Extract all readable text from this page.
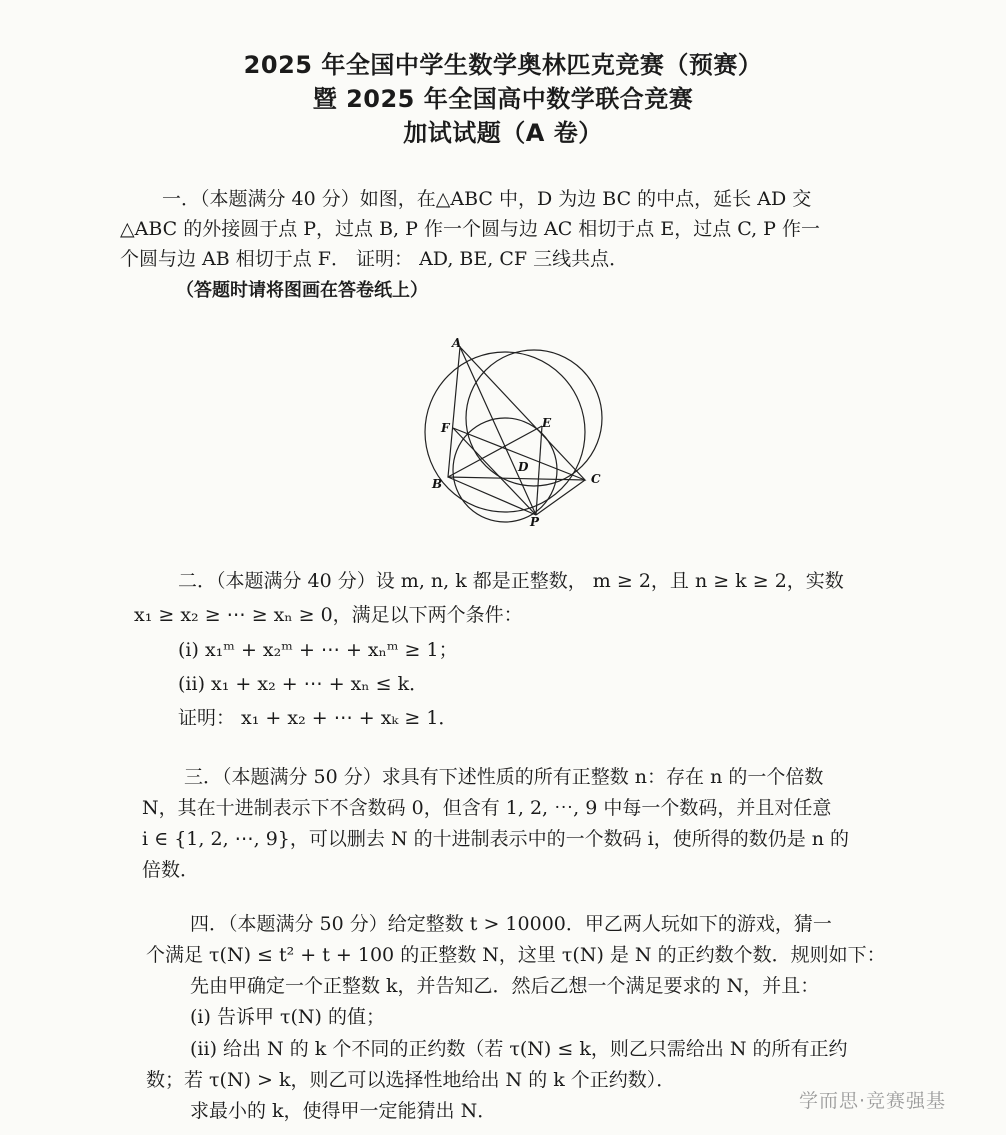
2025 年全国中学生数学奥林匹克竞赛（预赛）
暨 2025 年全国高中数学联合竞赛
加试试题（A 卷）
一．（本题满分 40 分）如图，在△ABC 中，D 为边 BC 的中点，延长 AD 交
△ABC 的外接圆于点 P，过点 B, P 作一个圆与边 AC 相切于点 E，过点 C, P 作一
个圆与边 AB 相切于点 F． 证明： AD, BE, CF 三线共点．
（答题时请将图画在答卷纸上）
A
E
F
D
B	C
P
二．（本题满分 40 分）设 m, n, k 都是正整数， m ≥ 2，且 n ≥ k ≥ 2，实数
x₁ ≥ x₂ ≥ ⋯ ≥ xₙ ≥ 0，满足以下两个条件：
(i) x₁ᵐ + x₂ᵐ + ⋯ + xₙᵐ ≥ 1；
(ii) x₁ + x₂ + ⋯ + xₙ ≤ k．
证明： x₁ + x₂ + ⋯ + xₖ ≥ 1．
三．（本题满分 50 分）求具有下述性质的所有正整数 n：存在 n 的一个倍数
N，其在十进制表示下不含数码 0，但含有 1, 2, ⋯, 9 中每一个数码，并且对任意
i ∈ {1, 2, ⋯, 9}，可以删去 N 的十进制表示中的一个数码 i，使所得的数仍是 n 的
倍数．
四．（本题满分 50 分）给定整数 t > 10000．甲乙两人玩如下的游戏，猜一
个满足 τ(N) ≤ t² + t + 100 的正整数 N，这里 τ(N) 是 N 的正约数个数．规则如下：
先由甲确定一个正整数 k，并告知乙．然后乙想一个满足要求的 N，并且：
(i) 告诉甲 τ(N) 的值；
(ii) 给出 N 的 k 个不同的正约数（若 τ(N) ≤ k，则乙只需给出 N 的所有正约
数；若 τ(N) > k，则乙可以选择性地给出 N 的 k 个正约数）．
求最小的 k，使得甲一定能猜出 N．	学而思·竞赛强基
